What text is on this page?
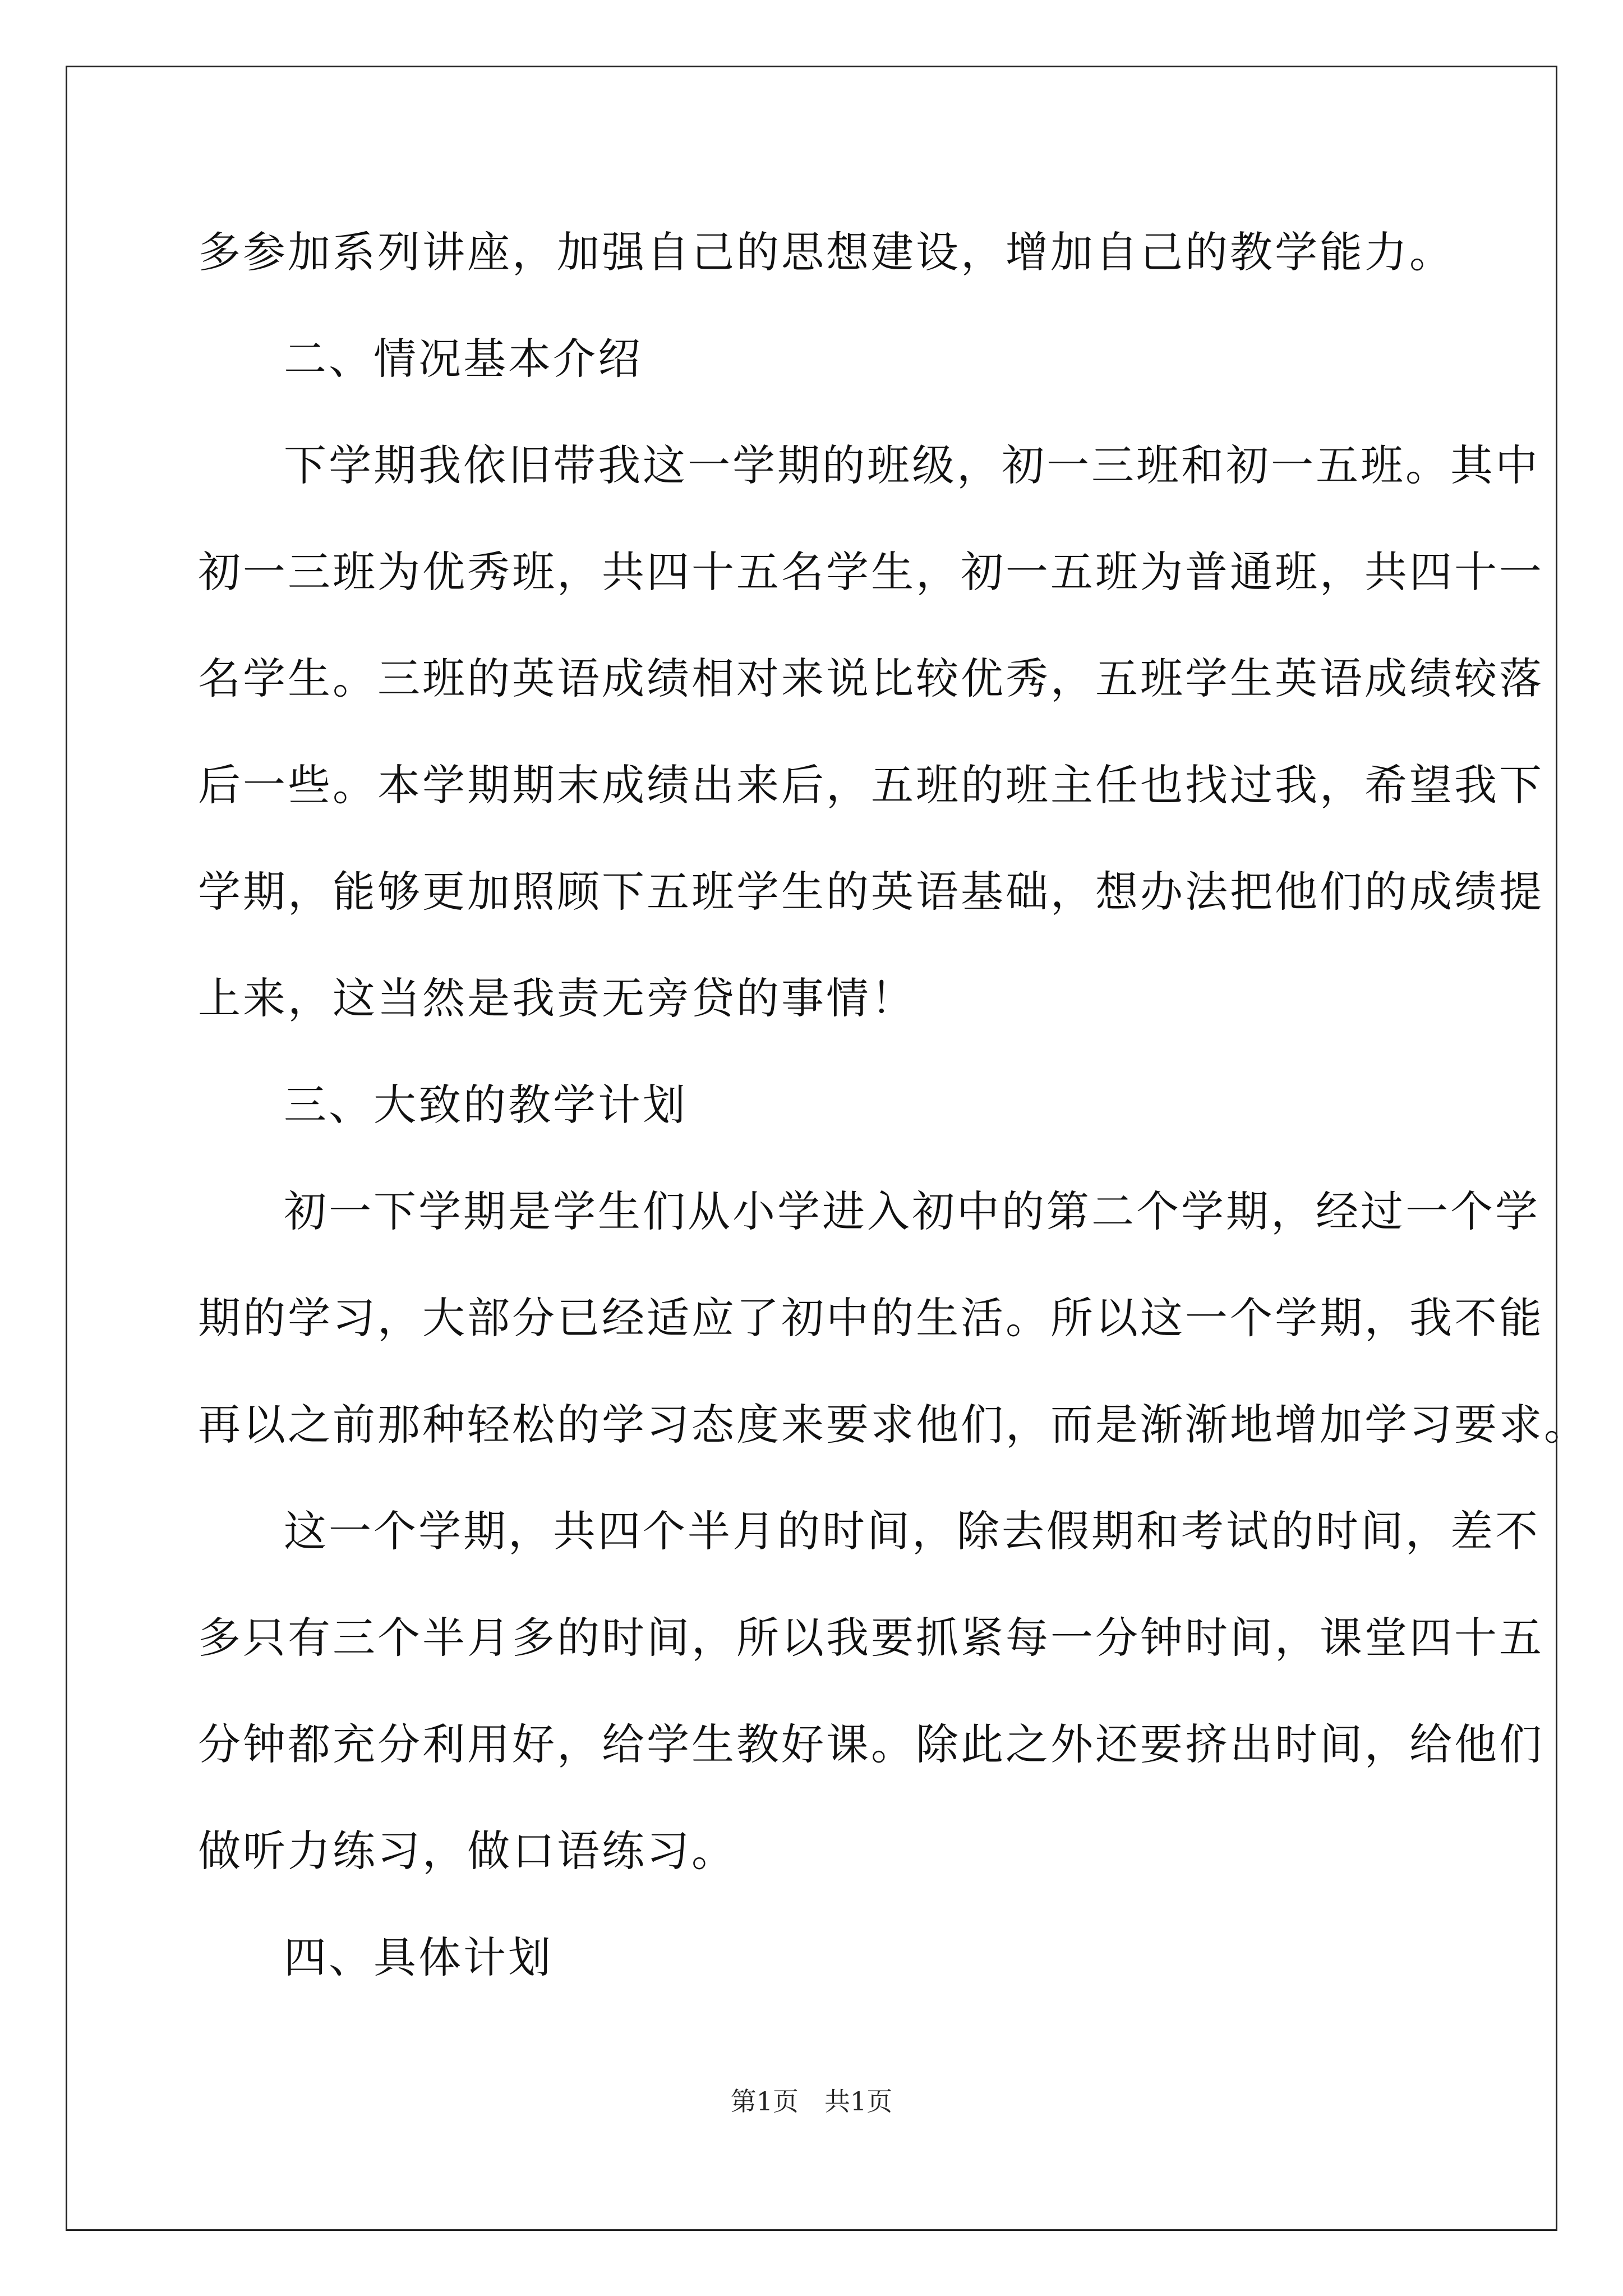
多参加系列讲座，加强自己的思想建设，增加自己的教学能力。
二、情况基本介绍
下学期我依旧带我这一学期的班级，初一三班和初一五班。其中
初一三班为优秀班，共四十五名学生，初一五班为普通班，共四十一
名学生。三班的英语成绩相对来说比较优秀，五班学生英语成绩较落
后一些。本学期期末成绩出来后，五班的班主任也找过我，希望我下
学期，能够更加照顾下五班学生的英语基础，想办法把他们的成绩提
上来，这当然是我责无旁贷的事情！
三、大致的教学计划
初一下学期是学生们从小学进入初中的第二个学期，经过一个学
期的学习，大部分已经适应了初中的生活。所以这一个学期，我不能
再以之前那种轻松的学习态度来要求他们，而是渐渐地增加学习要求。
这一个学期，共四个半月的时间，除去假期和考试的时间，差不
多只有三个半月多的时间，所以我要抓紧每一分钟时间，课堂四十五
分钟都充分利用好，给学生教好课。除此之外还要挤出时间，给他们
做听力练习，做口语练习。
四、具体计划
第1页　共1页
